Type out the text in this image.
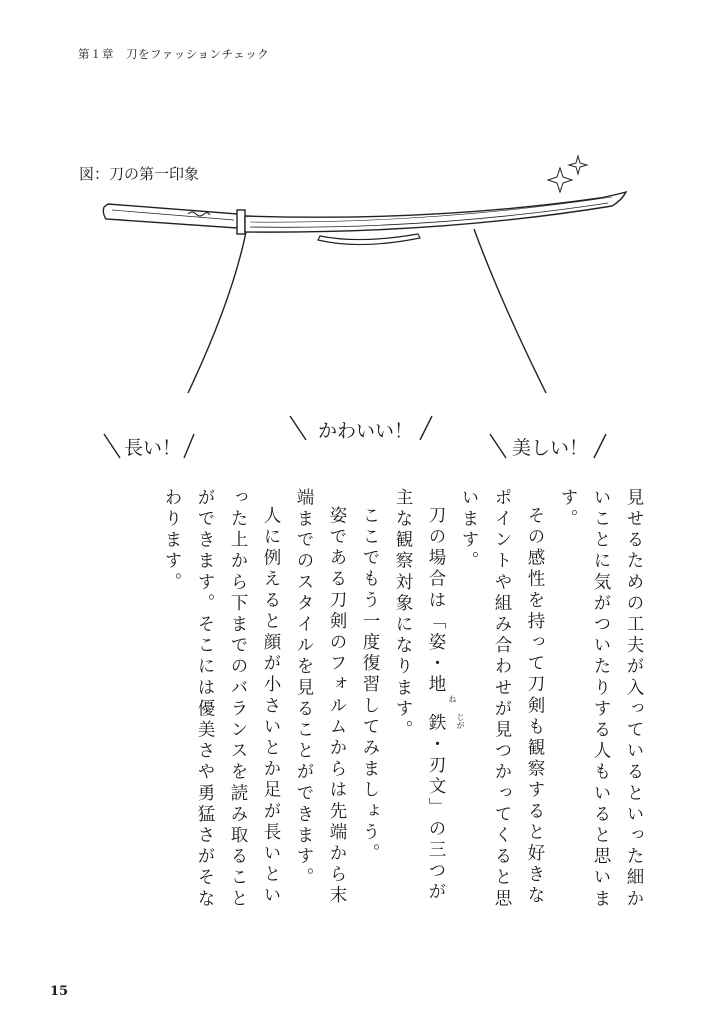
第１章　刀をファッションチェック
図：刀の第一印象
長い！
かわいい！
美しい！

見せるための工夫が入っているといった細かいことに気がついたりする人もいると思います。

その感性を持って刀剣も観察すると好きなポイントや組み合わせが見つかってくると思います。

刀の場合は「姿・地鉄	じがね
・刃文」の三つが主な観察対象になります。

ここでもう一度復習してみましょう。

姿である刀剣のフォルムからは先端から末端までのスタイルを見ることができます。

人に例えると顔が小さいとか足が長いといった上から下までのバランスを読み取ることができます。そこには優美さや勇猛さがそなわります。

15
